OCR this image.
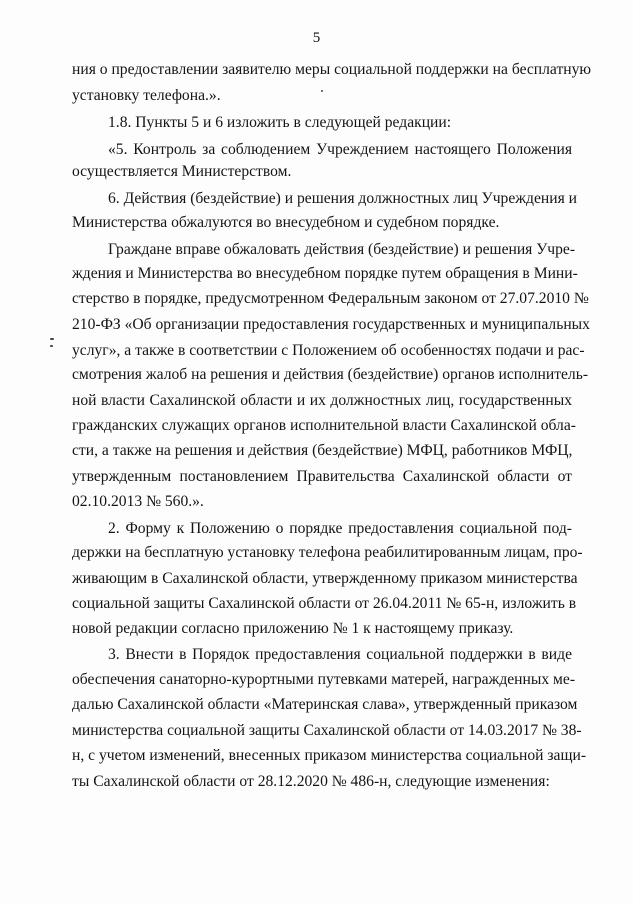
5
ния о предоставлении заявителю меры социальной поддержки на бесплатную
установку телефона.».
1.8. Пункты 5 и 6 изложить в следующей редакции:
«5. Контроль за соблюдением Учреждением настоящего Положения
осуществляется Министерством.
6. Действия (бездействие) и решения должностных лиц Учреждения и
Министерства обжалуются во внесудебном и судебном порядке.
Граждане вправе обжаловать действия (бездействие) и решения Учре-
ждения и Министерства во внесудебном порядке путем обращения в Мини-
стерство в порядке, предусмотренном Федеральным законом от 27.07.2010 №
210-ФЗ «Об организации предоставления государственных и муниципальных
услуг», а также в соответствии с Положением об особенностях подачи и рас-
смотрения жалоб на решения и действия (бездействие) органов исполнитель-
ной власти Сахалинской области и их должностных лиц, государственных
гражданских служащих органов исполнительной власти Сахалинской обла-
сти, а также на решения и действия (бездействие) МФЦ, работников МФЦ,
утвержденным постановлением Правительства Сахалинской области от
02.10.2013 № 560.».
2. Форму к Положению о порядке предоставления социальной под-
держки на бесплатную установку телефона реабилитированным лицам, про-
живающим в Сахалинской области, утвержденному приказом министерства
социальной защиты Сахалинской области от 26.04.2011 № 65-н, изложить в
новой редакции согласно приложению № 1 к настоящему приказу.
3. Внести в Порядок предоставления социальной поддержки в виде
обеспечения санаторно-курортными путевками матерей, награжденных ме-
далью Сахалинской области «Материнская слава», утвержденный приказом
министерства социальной защиты Сахалинской области от 14.03.2017 № 38-
н, с учетом изменений, внесенных приказом министерства социальной защи-
ты Сахалинской области от 28.12.2020 № 486-н, следующие изменения:
